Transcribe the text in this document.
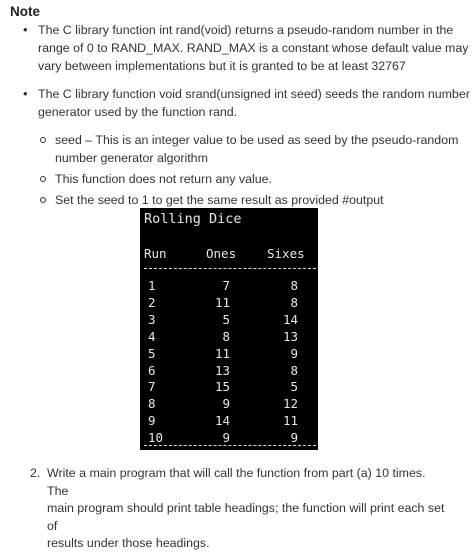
Note
• The C library function int rand(void) returns a pseudo-random number in the
range of 0 to RAND_MAX. RAND_MAX is a constant whose default value may
vary between implementations but it is granted to be at least 32767
• The C library function void srand(unsigned int seed) seeds the random number
generator used by the function rand.
seed – This is an integer value to be used as seed by the pseudo-random
number generator algorithm
This function does not return any value.
Set the seed to 1 to get the same result as provided #output
Rolling Dice
Run	Ones Sixes
1	7	8
2	11	8
3	5	14
4	8	13
5	11	9
6	13	8
7	15	5
8	9	12
9	14	11
10	9	9
2. Write a main program that will call the function from part (a) 10 times. The
main program should print table headings; the function will print each set of
results under those headings.
